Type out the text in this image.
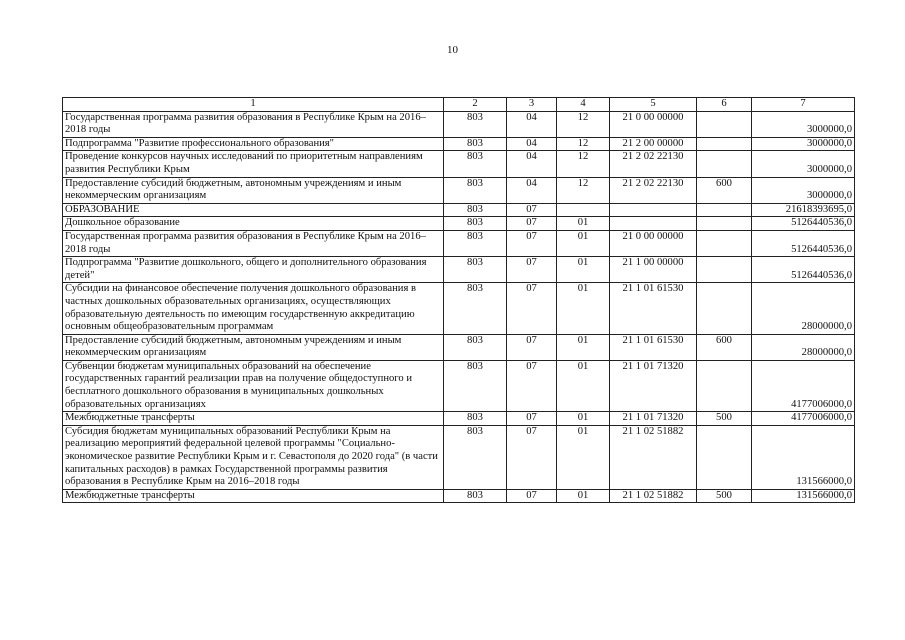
10
1	2	3	4	5	6	7
Государственная программа развития образования в Республике Крым на 2016–2018 годы	803	04	12	21 0 00 00000		3000000,0
Подпрограмма "Развитие профессионального образования"	803	04	12	21 2 00 00000		3000000,0
Проведение конкурсов научных исследований по приоритетным направлениям развития Республики Крым	803	04	12	21 2 02 22130		3000000,0
Предоставление субсидий бюджетным, автономным учреждениям и иным некоммерческим организациям	803	04	12	21 2 02 22130	600	3000000,0
ОБРАЗОВАНИЕ	803	07				21618393695,0
Дошкольное образование	803	07	01			5126440536,0
Государственная программа развития образования в Республике Крым на 2016–2018 годы	803	07	01	21 0 00 00000		5126440536,0
Подпрограмма "Развитие дошкольного, общего и дополнительного образования детей"	803	07	01	21 1 00 00000		5126440536,0
Субсидии на финансовое обеспечение получения дошкольного образования в частных дошкольных образовательных организациях, осуществляющих образовательную деятельность по имеющим государственную аккредитацию основным общеобразовательным программам	803	07	01	21 1 01 61530		28000000,0
Предоставление субсидий бюджетным, автономным учреждениям и иным некоммерческим организациям	803	07	01	21 1 01 61530	600	28000000,0
Субвенции бюджетам муниципальных образований на обеспечение государственных гарантий реализации прав на получение общедоступного и бесплатного дошкольного образования в муниципальных дошкольных образовательных организациях	803	07	01	21 1 01 71320		4177006000,0
Межбюджетные трансферты	803	07	01	21 1 01 71320	500	4177006000,0
Субсидия бюджетам муниципальных образований Республики Крым на реализацию мероприятий федеральной целевой программы "Социально-экономическое развитие Республики Крым и г. Севастополя до 2020 года" (в части капитальных расходов) в рамках Государственной программы развития образования в Республике Крым на 2016–2018 годы	803	07	01	21 1 02 51882		131566000,0
Межбюджетные трансферты	803	07	01	21 1 02 51882	500	131566000,0
